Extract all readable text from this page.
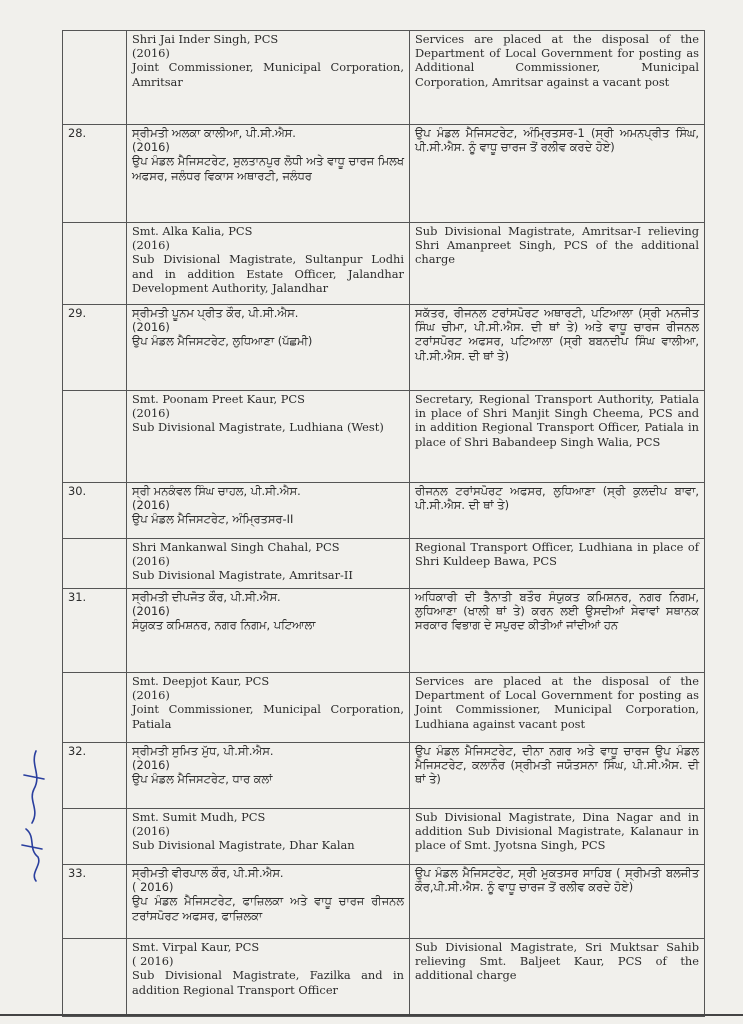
	Shri Jai Inder Singh, PCS
(2016)
Joint Commissioner, Municipal Corporation, Amritsar	Services are placed at the disposal of the Department of Local Government for posting as Additional Commissioner, Municipal Corporation, Amritsar against a vacant post
28.	ਸ੍ਰੀਮਤੀ ਅਲਕਾ ਕਾਲੀਆ, ਪੀ.ਸੀ.ਐਸ.
(2016)
ਉਪ ਮੰਡਲ ਮੈਜਿਸਟਰੇਟ, ਸੁਲਤਾਨਪੁਰ ਲੋਧੀ ਅਤੇ ਵਾਧੂ ਚਾਰਜ ਮਿਲਖ ਅਫਸਰ, ਜਲੰਧਰ ਵਿਕਾਸ ਅਥਾਰਟੀ, ਜਲੰਧਰ	ਉਪ ਮੰਡਲ ਮੈਜਿਸਟਰੇਟ, ਅੰਮ੍ਰਿਤਸਰ-1 (ਸ੍ਰੀ ਅਮਨਪ੍ਰੀਤ ਸਿੰਘ, ਪੀ.ਸੀ.ਐਸ. ਨੂੰ ਵਾਧੂ ਚਾਰਜ ਤੋਂ ਰਲੀਵ ਕਰਦੇ ਹੋਏ)

	Smt. Alka Kalia, PCS
(2016)
Sub Divisional Magistrate, Sultanpur Lodhi and in addition Estate Officer, Jalandhar Development Authority, Jalandhar	Sub Divisional Magistrate, Amritsar-I relieving Shri Amanpreet Singh, PCS of the additional charge
29.	ਸ੍ਰੀਮਤੀ ਪੂਨਮ ਪ੍ਰੀਤ ਕੌਰ, ਪੀ.ਸੀ.ਐਸ.
(2016)
ਉਪ ਮੰਡਲ ਮੈਜਿਸਟਰੇਟ, ਲੁਧਿਆਣਾ (ਪੱਛਮੀ)	ਸਕੱਤਰ, ਰੀਜਨਲ ਟਰਾਂਸਪੋਰਟ ਅਥਾਰਟੀ, ਪਟਿਆਲਾ (ਸ੍ਰੀ ਮਨਜੀਤ ਸਿੰਘ ਚੀਮਾ, ਪੀ.ਸੀ.ਐਸ. ਦੀ ਥਾਂ ਤੇ) ਅਤੇ ਵਾਧੂ ਚਾਰਜ ਰੀਜਨਲ ਟਰਾਂਸਪੋਰਟ ਅਫਸਰ, ਪਟਿਆਲਾ (ਸ੍ਰੀ ਬਬਨਦੀਪ ਸਿੰਘ ਵਾਲੀਆ, ਪੀ.ਸੀ.ਐਸ. ਦੀ ਥਾਂ ਤੇ)

	Smt. Poonam Preet Kaur, PCS
(2016)
Sub Divisional Magistrate, Ludhiana (West)	Secretary, Regional Transport Authority, Patiala in place of Shri Manjit Singh Cheema, PCS and in addition Regional Transport Officer, Patiala in place of Shri Babandeep Singh Walia, PCS
30.	ਸ੍ਰੀ ਮਨਕੰਵਲ ਸਿੰਘ ਚਾਹਲ, ਪੀ.ਸੀ.ਐਸ.
(2016)
ਉਪ ਮੰਡਲ ਮੈਜਿਸਟਰੇਟ, ਅੰਮ੍ਰਿਤਸਰ-II	ਰੀਜਨਲ ਟਰਾਂਸਪੋਰਟ ਅਫਸਰ, ਲੁਧਿਆਣਾ (ਸ੍ਰੀ ਕੁਲਦੀਪ ਬਾਵਾ, ਪੀ.ਸੀ.ਐਸ. ਦੀ ਥਾਂ ਤੇ)

	Shri Mankanwal Singh Chahal, PCS
(2016)
Sub Divisional Magistrate, Amritsar-II	Regional Transport Officer, Ludhiana in place of Shri Kuldeep Bawa, PCS
31.	ਸ੍ਰੀਮਤੀ ਦੀਪਜੋਤ ਕੌਰ, ਪੀ.ਸੀ.ਐਸ.
(2016)
ਸੰਯੁਕਤ ਕਮਿਸ਼ਨਰ, ਨਗਰ ਨਿਗਮ, ਪਟਿਆਲਾ	ਅਧਿਕਾਰੀ ਦੀ ਤੈਨਾਤੀ ਬਤੌਰ ਸੰਯੁਕਤ ਕਮਿਸ਼ਨਰ, ਨਗਰ ਨਿਗਮ, ਲੁਧਿਆਣਾ (ਖਾਲੀ ਥਾਂ ਤੇ) ਕਰਨ ਲਈ ਉਸਦੀਆਂ ਸੇਵਾਵਾਂ ਸਥਾਨਕ ਸਰਕਾਰ ਵਿਭਾਗ ਦੇ ਸਪੁਰਦ ਕੀਤੀਆਂ ਜਾਂਦੀਆਂ ਹਨ

	Smt. Deepjot Kaur, PCS
(2016)
Joint Commissioner, Municipal Corporation, Patiala	Services are placed at the disposal of the Department of Local Government for posting as Joint Commissioner, Municipal Corporation, Ludhiana against vacant post
32.	ਸ੍ਰੀਮਤੀ ਸੁਮਿਤ ਮੁੱਧ, ਪੀ.ਸੀ.ਐਸ.
(2016)
ਉਪ ਮੰਡਲ ਮੈਜਿਸਟਰੇਟ, ਧਾਰ ਕਲਾਂ	ਉਪ ਮੰਡਲ ਮੈਜਿਸਟਰੇਟ, ਦੀਨਾ ਨਗਰ ਅਤੇ ਵਾਧੂ ਚਾਰਜ ਉਪ ਮੰਡਲ ਮੈਜਿਸਟਰੇਟ, ਕਲਾਨੌਰ (ਸ੍ਰੀਮਤੀ ਜਯੋਤਸਨਾ ਸਿੰਘ, ਪੀ.ਸੀ.ਐਸ. ਦੀ ਥਾਂ ਤੇ)

	Smt. Sumit Mudh, PCS
(2016)
Sub Divisional Magistrate, Dhar Kalan	Sub Divisional Magistrate, Dina Nagar and in addition Sub Divisional Magistrate, Kalanaur in place of Smt. Jyotsna Singh, PCS
33.	ਸ੍ਰੀਮਤੀ ਵੀਰਪਾਲ ਕੌਰ, ਪੀ.ਸੀ.ਐਸ.
( 2016)
ਉਪ ਮੰਡਲ ਮੈਜਿਸਟਰੇਟ, ਫਾਜ਼ਿਲਕਾ ਅਤੇ ਵਾਧੂ ਚਾਰਜ ਰੀਜਨਲ ਟਰਾਂਸਪੋਰਟ ਅਫਸਰ, ਫਾਜ਼ਿਲਕਾ	ਉਪ ਮੰਡਲ ਮੈਜਿਸਟਰੇਟ, ਸ੍ਰੀ ਮੁਕਤਸਰ ਸਾਹਿਬ ( ਸ੍ਰੀਮਤੀ ਬਲਜੀਤ ਕੌਰ,ਪੀ.ਸੀ.ਐਸ. ਨੂੰ ਵਾਧੂ ਚਾਰਜ ਤੋਂ ਰਲੀਵ ਕਰਦੇ ਹੋਏ)

	Smt. Virpal Kaur, PCS
( 2016)
Sub Divisional Magistrate, Fazilka and in addition Regional Transport Officer	Sub Divisional Magistrate, Sri Muktsar Sahib relieving Smt. Baljeet Kaur, PCS of the additional charge
